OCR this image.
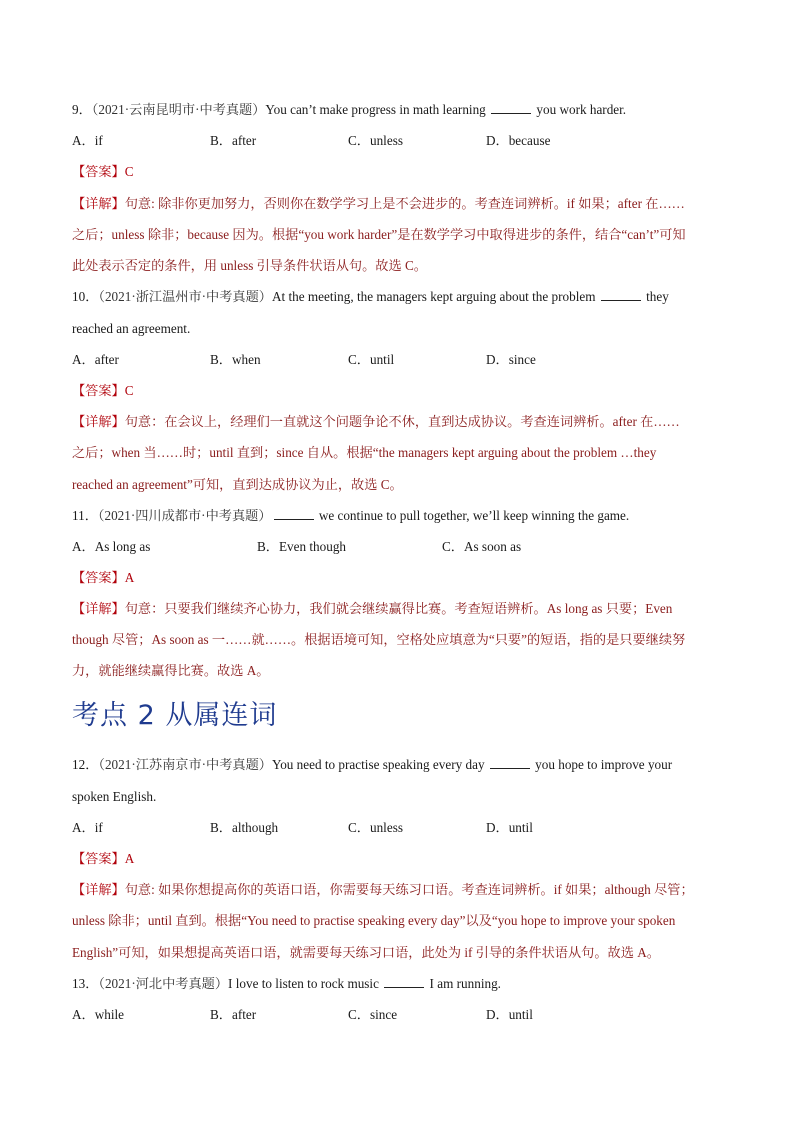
9．（2021·云南昆明市·中考真题）You can’t make progress in math learning	you work harder.
A．if	B．after	C．unless	D．because
【答案】C
【详解】句意: 除非你更加努力，否则你在数学学习上是不会进步的。考查连词辨析。if 如果；after 在……
之后；unless 除非；because 因为。根据“you work harder”是在数学学习中取得进步的条件，结合“can’t”可知
此处表示否定的条件，用 unless 引导条件状语从句。故选 C。
10．（2021·浙江温州市·中考真题）At the meeting, the managers kept arguing about the problem	they
reached an agreement.
A．after	B．when	C．until	D．since
【答案】C
【详解】句意：在会议上，经理们一直就这个问题争论不休，直到达成协议。考查连词辨析。after 在……
之后；when 当……时；until 直到；since 自从。根据“the managers kept arguing about the problem …they
reached an agreement”可知，直到达成协议为止，故选 C。
11．（2021·四川成都市·中考真题）	we continue to pull together, we’ll keep winning the game.
A．As long as	B．Even though	C．As soon as
【答案】A
【详解】句意：只要我们继续齐心协力，我们就会继续赢得比赛。考查短语辨析。As long as 只要；Even
though 尽管；As soon as 一……就……。根据语境可知，空格处应填意为“只要”的短语，指的是只要继续努
力，就能继续赢得比赛。故选 A。
考点 2 从属连词
12．（2021·江苏南京市·中考真题）You need to practise speaking every day	you hope to improve your
spoken English.
A．if	B．although	C．unless	D．until
【答案】A
【详解】句意: 如果你想提高你的英语口语，你需要每天练习口语。考查连词辨析。if 如果；although 尽管；
unless 除非；until 直到。根据“You need to practise speaking every day”以及“you hope to improve your spoken
English”可知，如果想提高英语口语，就需要每天练习口语，此处为 if 引导的条件状语从句。故选 A。
13．（2021·河北中考真题）I love to listen to rock music	I am running.
A．while	B．after	C．since	D．until
